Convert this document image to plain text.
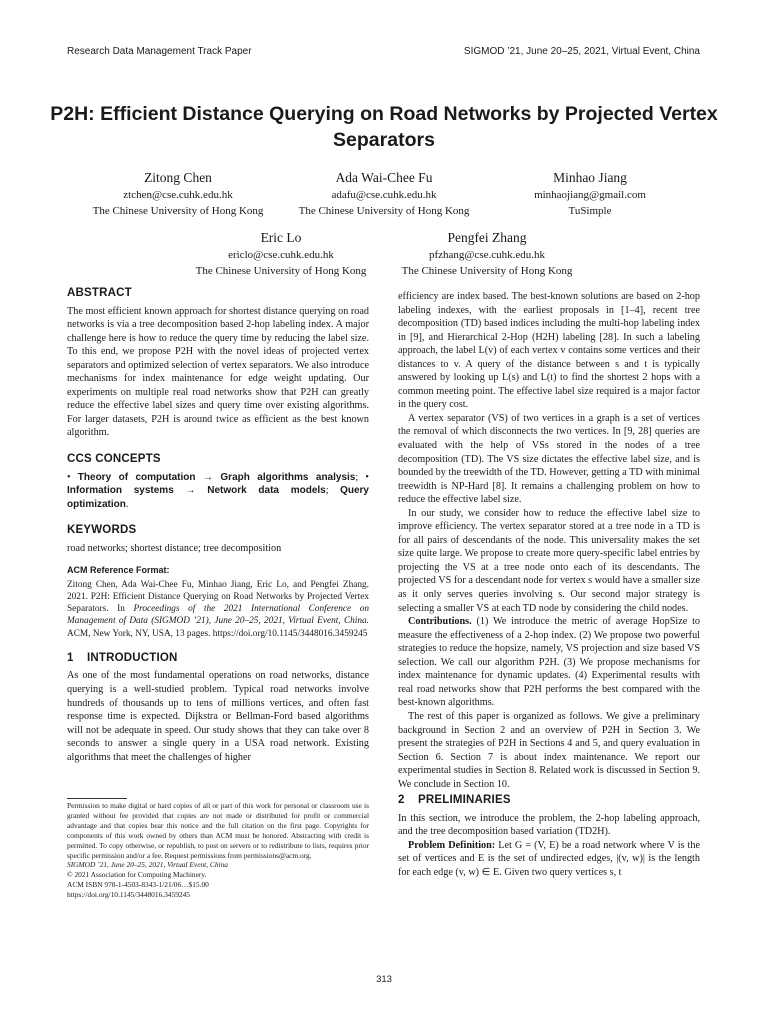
Research Data Management Track Paper	SIGMOD ’21, June 20–25, 2021, Virtual Event, China
P2H: Efficient Distance Querying on Road Networks by Projected Vertex Separators
Zitong Chen
ztchen@cse.cuhk.edu.hk
The Chinese University of Hong Kong
Ada Wai-Chee Fu
adafu@cse.cuhk.edu.hk
The Chinese University of Hong Kong
Minhao Jiang
minhaojiang@gmail.com
TuSimple
Eric Lo
ericlo@cse.cuhk.edu.hk
The Chinese University of Hong Kong
Pengfei Zhang
pfzhang@cse.cuhk.edu.hk
The Chinese University of Hong Kong
ABSTRACT

The most efficient known approach for shortest distance querying on road networks is via a tree decomposition based 2-hop labeling index. A major challenge here is how to reduce the query time by reducing the label size. To this end, we propose P2H with the novel ideas of projected vertex separators and optimized selection of vertex separators. We also introduce mechanisms for index maintenance for edge weight updating. Our experiments on multiple real road networks show that P2H can greatly reduce the effective label sizes and query time over existing algorithms. For larger datasets, P2H is around twice as efficient as the best known algorithm.

CCS CONCEPTS

• Theory of computation → Graph algorithms analysis; • Information systems → Network data models; Query optimization.

KEYWORDS

road networks; shortest distance; tree decomposition

ACM Reference Format:

Zitong Chen, Ada Wai-Chee Fu, Minhao Jiang, Eric Lo, and Pengfei Zhang. 2021. P2H: Efficient Distance Querying on Road Networks by Projected Vertex Separators. In Proceedings of the 2021 International Conference on Management of Data (SIGMOD ’21), June 20–25, 2021, Virtual Event, China. ACM, New York, NY, USA, 13 pages. https://doi.org/10.1145/3448016.3459245

1 INTRODUCTION

As one of the most fundamental operations on road networks, distance querying is a well-studied problem. Typical road networks involve hundreds of thousands up to tens of millions vertices, and often fast response time is expected. Dijkstra or Bellman-Ford based algorithms will not be adequate in speed. Our study shows that they can take over 8 seconds to answer a single query in a USA road network. Existing algorithms that meet the challenges of higher

Permission to make digital or hard copies of all or part of this work for personal or classroom use is granted without fee provided that copies are not made or distributed for profit or commercial advantage and that copies bear this notice and the full citation on the first page. Copyrights for components of this work owned by others than ACM must be honored. Abstracting with credit is permitted. To copy otherwise, or republish, to post on servers or to redistribute to lists, requires prior specific permission and/or a fee. Request permissions from permissions@acm.org.

SIGMOD ’21, June 20–25, 2021, Virtual Event, China

© 2021 Association for Computing Machinery.

ACM ISBN 978-1-4503-8343-1/21/06…$15.00

https://doi.org/10.1145/3448016.3459245

efficiency are index based. The best-known solutions are based on 2-hop labeling indexes, with the earliest proposals in [1–4], recent tree decomposition (TD) based indices including the multi-hop labeling index in [9], and Hierarchical 2-Hop (H2H) labeling [28]. In such a labeling approach, the label L(v) of each vertex v contains some vertices and their distances to v. A query of the distance between s and t is typically answered by looking up L(s) and L(t) to find the shortest 2 hops with a common meeting point. The effective label size required is a major factor in the query cost.

A vertex separator (VS) of two vertices in a graph is a set of vertices the removal of which disconnects the two vertices. In [9, 28] queries are evaluated with the help of VSs stored in the nodes of a tree decomposition (TD). The VS size dictates the effective label size, and is bounded by the treewidth of the TD. However, getting a TD with minimal treewidth is NP-Hard [8]. It remains a challenging problem on how to reduce the effective label size.

In our study, we consider how to reduce the effective label size to improve efficiency. The vertex separator stored at a tree node in a TD is for all pairs of descendants of the node. This universality makes the set size quite large. We propose to create more query-specific label entries by projecting the VS at a tree node onto each of its descendants. The projected VS for a descendant node for vertex s would have a smaller size as it only serves queries involving s. Our second major strategy is selecting a smaller VS at each TD node by considering the child nodes.

Contributions. (1) We introduce the metric of average HopSize to measure the effectiveness of a 2-hop index. (2) We propose two powerful strategies to reduce the hopsize, namely, VS projection and size based VS selection. We call our algorithm P2H. (3) We propose mechanisms for index maintenance for dynamic updates. (4) Experimental results with real road networks show that P2H performs the best compared with the best-known algorithms.

The rest of this paper is organized as follows. We give a preliminary background in Section 2 and an overview of P2H in Section 3. We present the strategies of P2H in Sections 4 and 5, and query evaluation in Section 6. Section 7 is about index maintenance. We report our experimental studies in Section 8. Related work is discussed in Section 9. We conclude in Section 10.

2 PRELIMINARIES

In this section, we introduce the problem, the 2-hop labeling approach, and the tree decomposition based variation (TD2H).

Problem Definition: Let G = (V, E) be a road network where V is the set of vertices and E is the set of undirected edges, |(v, w)| is the length for each edge (v, w) ∈ E. Given two query vertices s, t

313
